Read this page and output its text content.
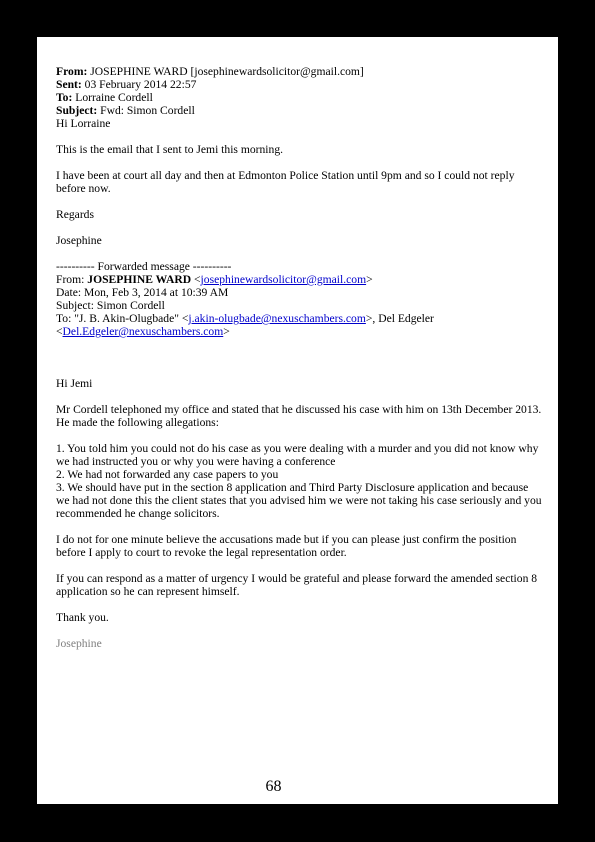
From: JOSEPHINE WARD [josephinewardsolicitor@gmail.com]
Sent: 03 February 2014 22:57
To: Lorraine Cordell
Subject: Fwd: Simon Cordell

Hi Lorraine

This is the email that I sent to Jemi this morning.

I have been at court all day and then at Edmonton Police Station until 9pm and so I could not reply before now.

Regards

Josephine

---------- Forwarded message ----------
From: JOSEPHINE WARD <josephinewardsolicitor@gmail.com>
Date: Mon, Feb 3, 2014 at 10:39 AM
Subject: Simon Cordell
To: "J. B. Akin-Olugbade" <j.akin-olugbade@nexuschambers.com>, Del Edgeler
<Del.Edgeler@nexuschambers.com>

Hi Jemi

Mr Cordell telephoned my office and stated that he discussed his case with him on 13th December 2013. He made the following allegations:

1. You told him you could not do his case as you were dealing with a murder and you did not know why we had instructed you or why you were having a conference
2. We had not forwarded any case papers to you
3. We should have put in the section 8 application and Third Party Disclosure application and because we had not done this the client states that you advised him we were not taking his case seriously and you recommended he change solicitors.

I do not for one minute believe the accusations made but if you can please just confirm the position before I apply to court to revoke the legal representation order.

If you can respond as a matter of urgency I would be grateful and please forward the amended section 8 application so he can represent himself.

Thank you.

Josephine

68
